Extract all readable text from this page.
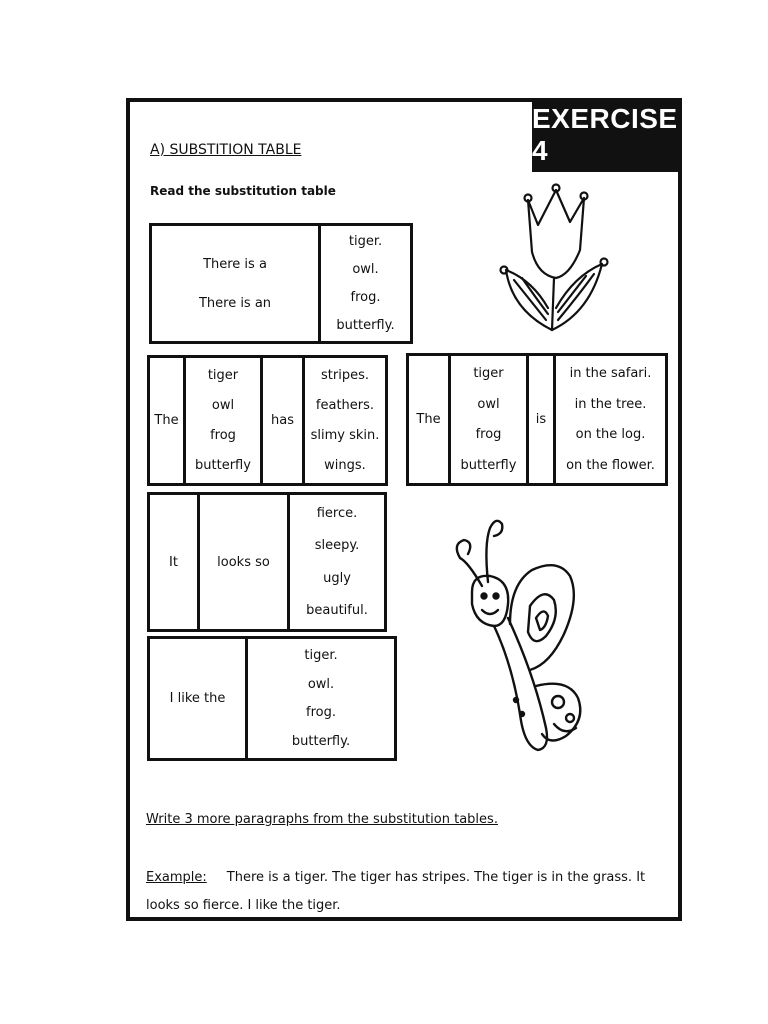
EXERCISE 4
A) SUBSTITION TABLE
Read the substitution table
There is a
There is an
tiger.
owl.
frog.
butterfly.
The
tiger
owl
frog
butterfly
has
stripes.
feathers.
slimy skin.
wings.
The
tiger
owl
frog
butterfly
is
in the safari.
in the tree.
on the log.
on the flower.
It	looks so
fierce.
sleepy.
ugly
beautiful.
I like the
tiger.
owl.
frog.
butterfly.
Write 3 more paragraphs from the substitution tables.
Example: There is a tiger. The tiger has stripes. The tiger is in the grass. It looks so fierce. I like the tiger.
